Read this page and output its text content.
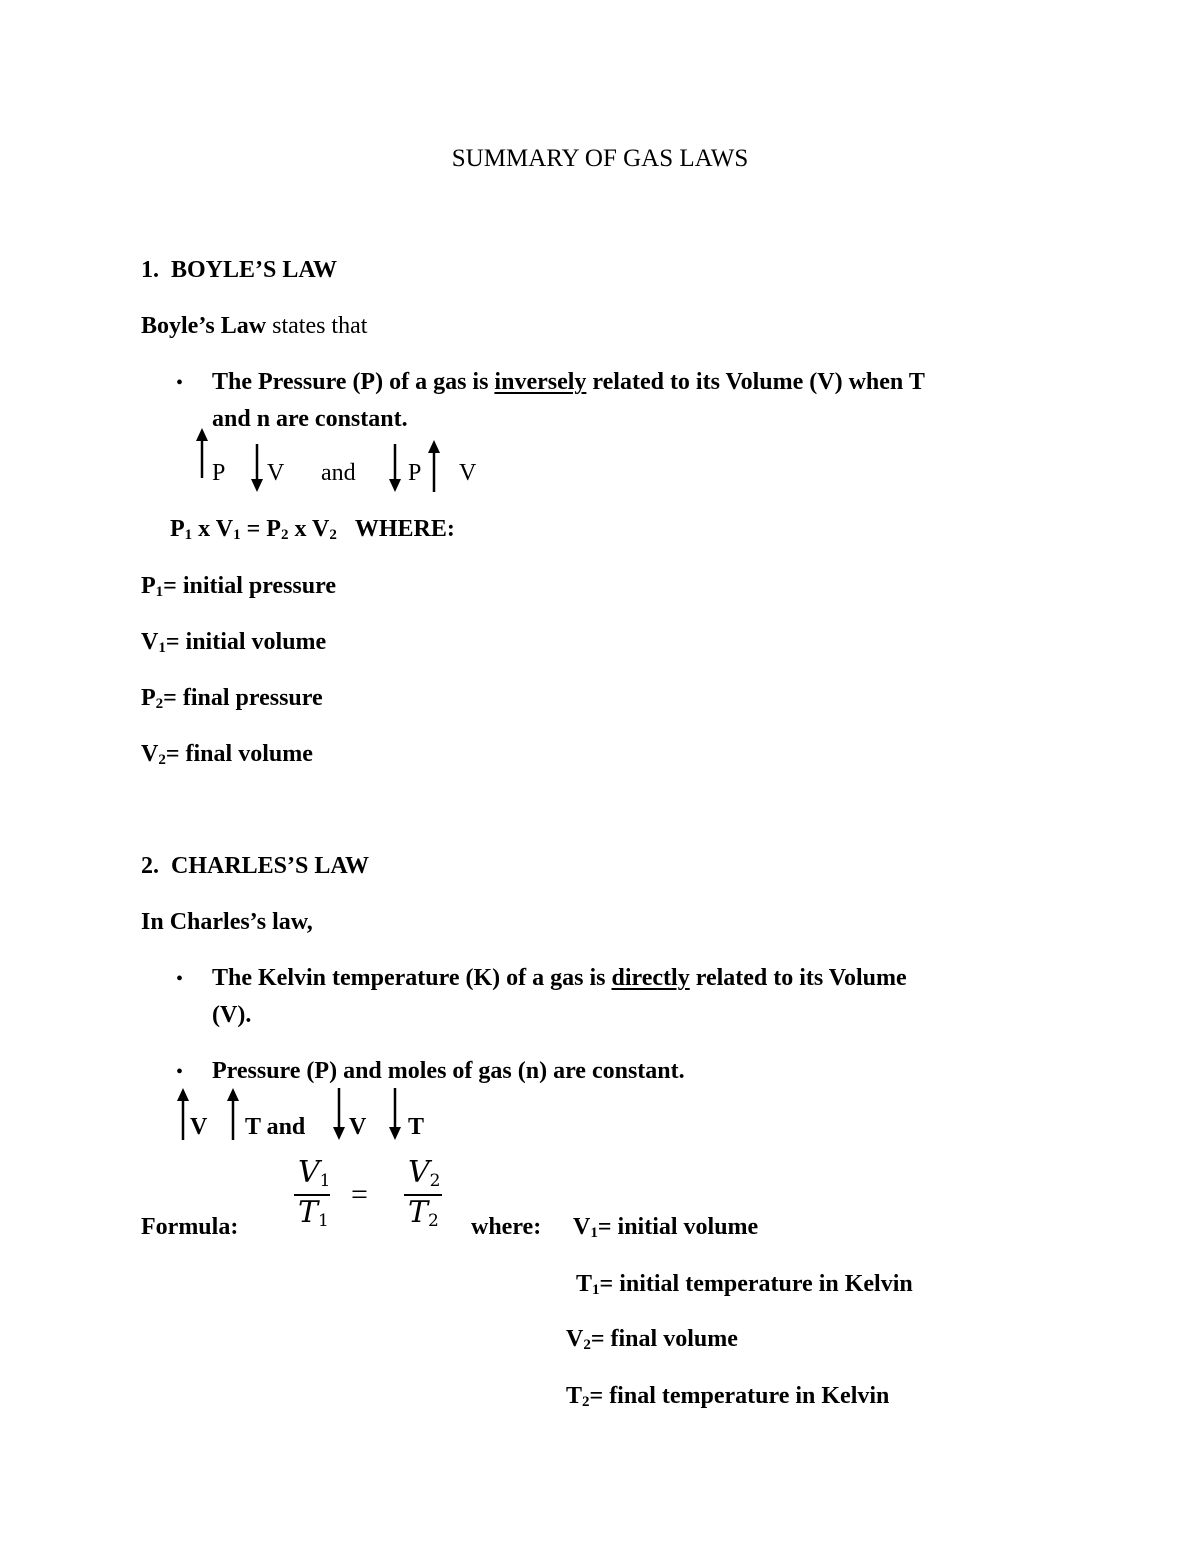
SUMMARY OF GAS LAWS
1. BOYLE’S LAW
Boyle’s Law states that
• The Pressure (P) of a gas is inversely related to its Volume (V) when T
and n are constant.
P V and P V
$P_1$ x $V_1 = P_2$ x $V_2$ WHERE:
$P_1=$ initial pressure
$V_1=$ initial volume
$P_2=$ final pressure
$V_2=$ final volume
2. CHARLES’S LAW
In Charles’s law,
• The Kelvin temperature (K) of a gas is directly related to its Volume
(V).
• Pressure (P) and moles of gas (n) are constant.
V T and V T
Formula:
$V_1$
$T_1$
=
$V_2$
$T_2$ where: $V_1=$ initial volume
$T_1=$ initial temperature in Kelvin
$V_2=$ final volume
$T_2=$ final temperature in Kelvin
